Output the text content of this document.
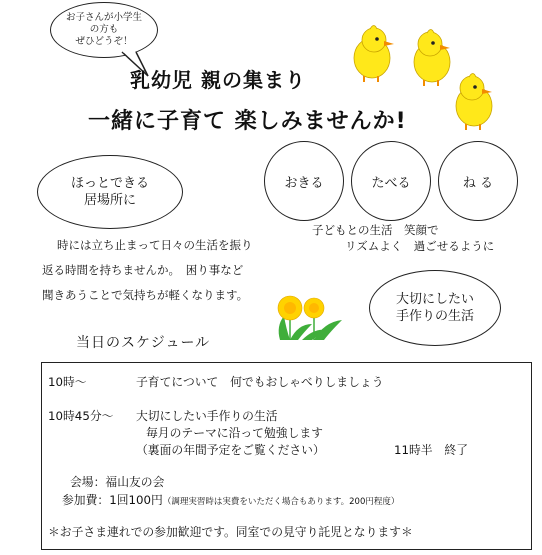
お子さんが小学生
の方も
ぜひどうぞ！
乳幼児 親の集まり
一緒に子育て 楽しみませんか!
おきる	たべる	ね る
子どもとの生活　笑顔で
リズムよく　過ごせるように
ほっとできる
居場所に
時には立ち止まって日々の生活を振り
返る時間を持ちませんか。　困り事など
聞きあうことで気持ちが軽くなります。	大切にしたい
手作りの生活
当日のスケジュール
10時～	子育てについて　何でもおしゃべりしましょう
10時45分～ 大切にしたい手作りの生活
毎月のテーマに沿って勉強します
（裏面の年間予定をご覧ください）	11時半　終了
会場：福山友の会
参加費：1回100円（調理実習時は実費をいただく場合もあります。200円程度）
＊お子さま連れでの参加歓迎です。同室での見守り託児となります＊
